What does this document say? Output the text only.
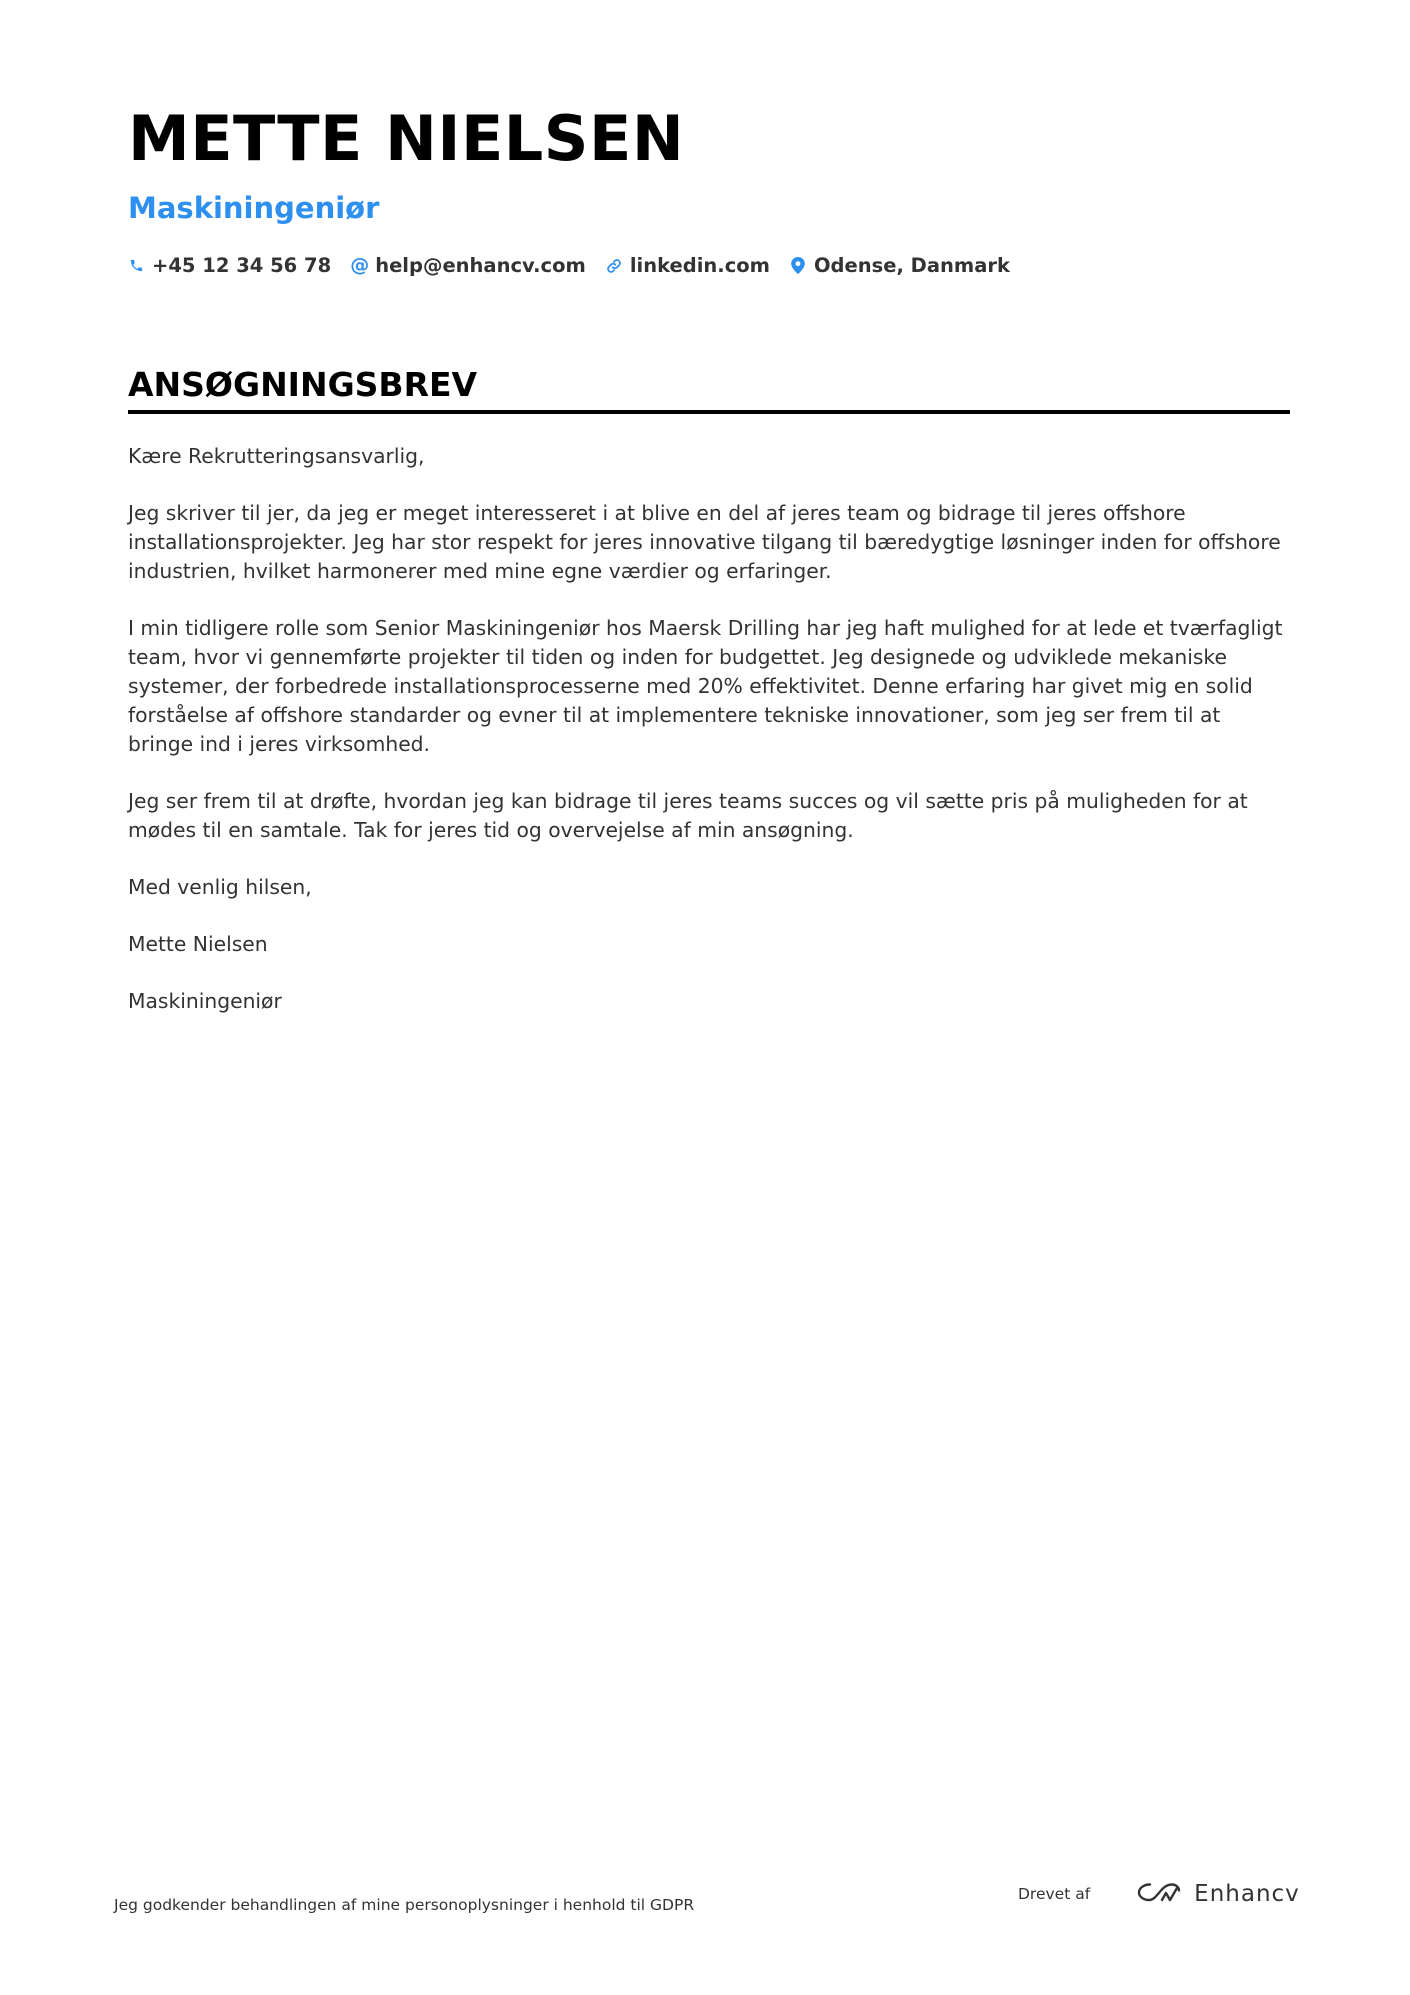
METTE NIELSEN
Maskiningeniør
+45 12 34 56 78 @ help@enhancv.com linkedin.com Odense, Danmark
ANSØGNINGSBREV

Kære Rekrutteringsansvarlig,

Jeg skriver til jer, da jeg er meget interesseret i at blive en del af jeres team og bidrage til jeres offshore installationsprojekter. Jeg har stor respekt for jeres innovative tilgang til bæredygtige løsninger inden for offshore industrien, hvilket harmonerer med mine egne værdier og erfaringer.

I min tidligere rolle som Senior Maskiningeniør hos Maersk Drilling har jeg haft mulighed for at lede et tværfagligt team, hvor vi gennemførte projekter til tiden og inden for budgettet. Jeg designede og udviklede mekaniske systemer, der forbedrede installationsprocesserne med 20% effektivitet. Denne erfaring har givet mig en solid forståelse af offshore standarder og evner til at implementere tekniske innovationer, som jeg ser frem til at bringe ind i jeres virksomhed.

Jeg ser frem til at drøfte, hvordan jeg kan bidrage til jeres teams succes og vil sætte pris på muligheden for at mødes til en samtale. Tak for jeres tid og overvejelse af min ansøgning.

Med venlig hilsen,

Mette Nielsen

Maskiningeniør

Jeg godkender behandlingen af mine personoplysninger i henhold til GDPR
Drevet af	Enhancv
